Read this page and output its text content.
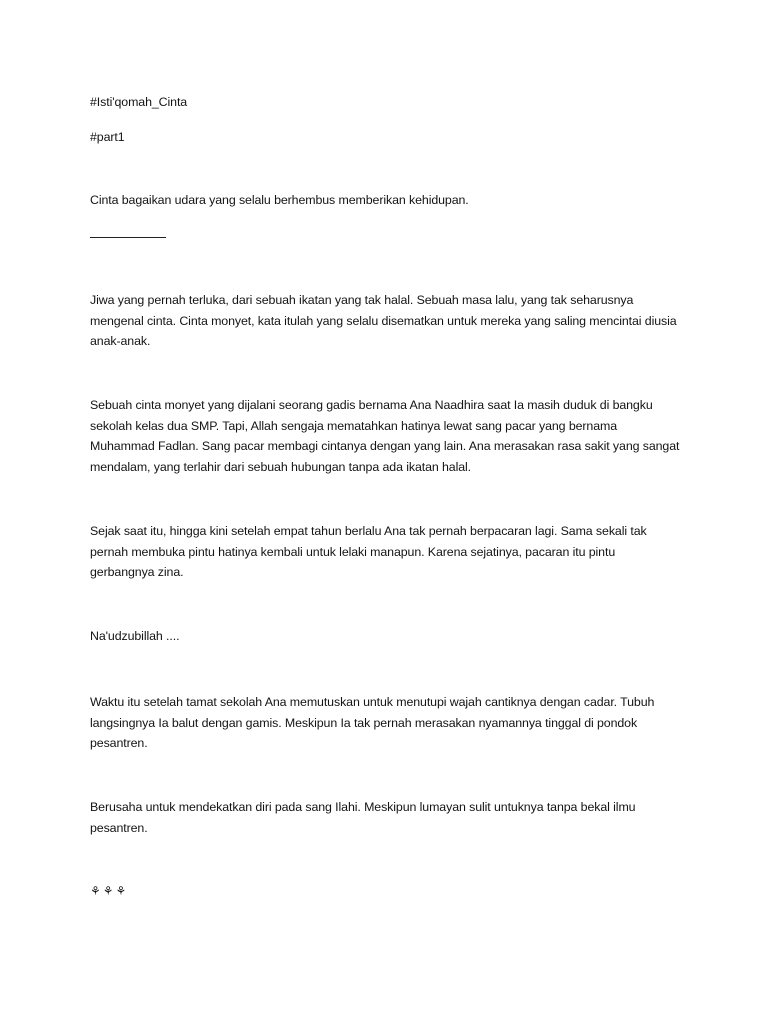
#Isti'qomah_Cinta
#part1
Cinta bagaikan udara yang selalu berhembus memberikan kehidupan.
Jiwa yang pernah terluka, dari sebuah ikatan yang tak halal. Sebuah masa lalu, yang tak seharusnya mengenal cinta. Cinta monyet, kata itulah yang selalu disematkan untuk mereka yang saling mencintai diusia anak-anak.
Sebuah cinta monyet yang dijalani seorang gadis bernama Ana Naadhira saat Ia masih duduk di bangku sekolah kelas dua SMP. Tapi, Allah sengaja mematahkan hatinya lewat sang pacar yang bernama Muhammad Fadlan. Sang pacar membagi cintanya dengan yang lain. Ana merasakan rasa sakit yang sangat mendalam, yang terlahir dari sebuah hubungan tanpa ada ikatan halal.
Sejak saat itu, hingga kini setelah empat tahun berlalu Ana tak pernah berpacaran lagi. Sama sekali tak pernah membuka pintu hatinya kembali untuk lelaki manapun. Karena sejatinya, pacaran itu pintu gerbangnya zina.
Na'udzubillah ....
Waktu itu setelah tamat sekolah Ana memutuskan untuk menutupi wajah cantiknya dengan cadar. Tubuh langsingnya Ia balut dengan gamis. Meskipun Ia tak pernah merasakan nyamannya tinggal di pondok pesantren.
Berusaha untuk mendekatkan diri pada sang Ilahi. Meskipun lumayan sulit untuknya tanpa bekal ilmu pesantren.
⚘⚘⚘
